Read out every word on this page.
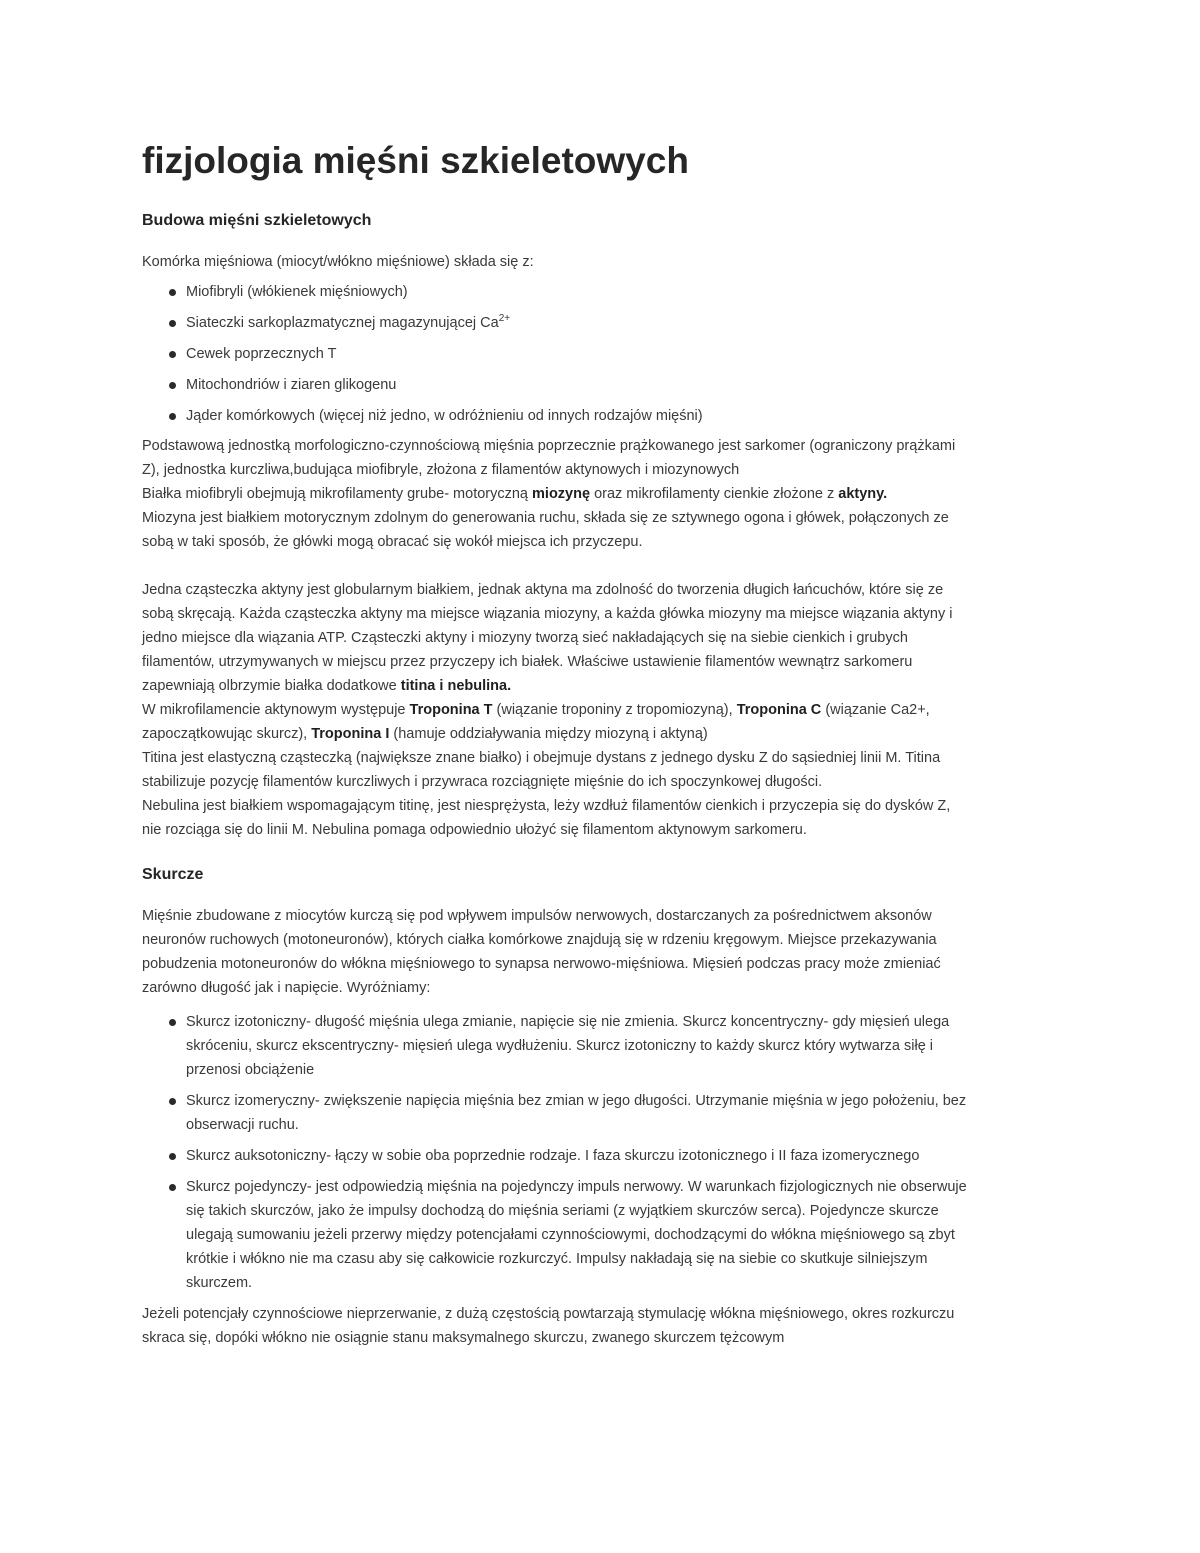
fizjologia mięśni szkieletowych
Budowa mięśni szkieletowych

Komórka mięśniowa (miocyt/włókno mięśniowe) składa się z:

Miofibryli (włókienek mięśniowych)
Siateczki sarkoplazmatycznej magazynującej $Ca^{2+}$
Cewek poprzecznych T
Mitochondriów i ziaren glikogenu
Jąder komórkowych (więcej niż jedno, w odróżnieniu od innych rodzajów mięśni)

Podstawową jednostką morfologiczno-czynnościową mięśnia poprzecznie prążkowanego jest sarkomer (ograniczony prążkami
Z), jednostka kurczliwa,budująca miofibryle, złożona z filamentów aktynowych i miozynowych
Białka miofibryli obejmują mikrofilamenty grube- motoryczną miozynę oraz mikrofilamenty cienkie złożone z aktyny.
Miozyna jest białkiem motorycznym zdolnym do generowania ruchu, składa się ze sztywnego ogona i główek, połączonych ze
sobą w taki sposób, że główki mogą obracać się wokół miejsca ich przyczepu.

Jedna cząsteczka aktyny jest globularnym białkiem, jednak aktyna ma zdolność do tworzenia długich łańcuchów, które się ze
sobą skręcają. Każda cząsteczka aktyny ma miejsce wiązania miozyny, a każda główka miozyny ma miejsce wiązania aktyny i
jedno miejsce dla wiązania ATP. Cząsteczki aktyny i miozyny tworzą sieć nakładających się na siebie cienkich i grubych
filamentów, utrzymywanych w miejscu przez przyczepy ich białek. Właściwe ustawienie filamentów wewnątrz sarkomeru
zapewniają olbrzymie białka dodatkowe titina i nebulina.
W mikrofilamencie aktynowym występuje Troponina T (wiązanie troponiny z tropomiozyną), Troponina C (wiązanie Ca2+,
zapoczątkowując skurcz), Troponina I (hamuje oddziaływania między miozyną i aktyną)
Titina jest elastyczną cząsteczką (największe znane białko) i obejmuje dystans z jednego dysku Z do sąsiedniej linii M. Titina
stabilizuje pozycję filamentów kurczliwych i przywraca rozciągnięte mięśnie do ich spoczynkowej długości.
Nebulina jest białkiem wspomagającym titinę, jest niesprężysta, leży wzdłuż filamentów cienkich i przyczepia się do dysków Z,
nie rozciąga się do linii M. Nebulina pomaga odpowiednio ułożyć się filamentom aktynowym sarkomeru.

Skurcze

Mięśnie zbudowane z miocytów kurczą się pod wpływem impulsów nerwowych, dostarczanych za pośrednictwem aksonów
neuronów ruchowych (motoneuronów), których ciałka komórkowe znajdują się w rdzeniu kręgowym. Miejsce przekazywania
pobudzenia motoneuronów do włókna mięśniowego to synapsa nerwowo-mięśniowa. Mięsień podczas pracy może zmieniać
zarówno długość jak i napięcie. Wyróżniamy:

Skurcz izotoniczny- długość mięśnia ulega zmianie, napięcie się nie zmienia. Skurcz koncentryczny- gdy mięsień ulega
skróceniu, skurcz ekscentryczny- mięsień ulega wydłużeniu. Skurcz izotoniczny to każdy skurcz który wytwarza siłę i
przenosi obciążenie
Skurcz izomeryczny- zwiększenie napięcia mięśnia bez zmian w jego długości. Utrzymanie mięśnia w jego położeniu, bez
obserwacji ruchu.
Skurcz auksotoniczny- łączy w sobie oba poprzednie rodzaje. I faza skurczu izotonicznego i II faza izomerycznego
Skurcz pojedynczy- jest odpowiedzią mięśnia na pojedynczy impuls nerwowy. W warunkach fizjologicznych nie obserwuje
się takich skurczów, jako że impulsy dochodzą do mięśnia seriami (z wyjątkiem skurczów serca). Pojedyncze skurcze
ulegają sumowaniu jeżeli przerwy między potencjałami czynnościowymi, dochodzącymi do włókna mięśniowego są zbyt
krótkie i włókno nie ma czasu aby się całkowicie rozkurczyć. Impulsy nakładają się na siebie co skutkuje silniejszym
skurczem.

Jeżeli potencjały czynnościowe nieprzerwanie, z dużą częstością powtarzają stymulację włókna mięśniowego, okres rozkurczu
skraca się, dopóki włókno nie osiągnie stanu maksymalnego skurczu, zwanego skurczem tężcowym
